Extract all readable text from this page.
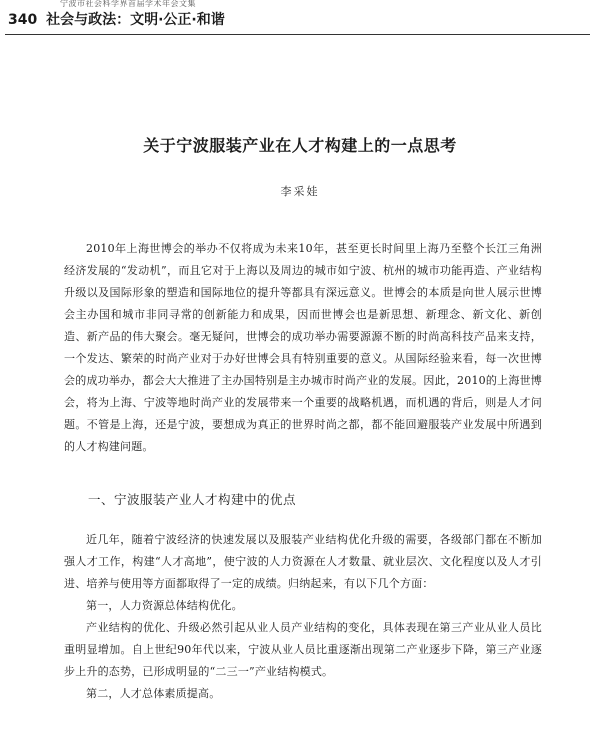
宁波市社会科学界首届学术年会文集
340 社会与政法：文明·公正·和谐
关于宁波服装产业在人才构建上的一点思考
李采娃

2010年上海世博会的举办不仅将成为未来10年，甚至更长时间里上海乃至整个长江三角洲经济发展的“发动机”，而且它对于上海以及周边的城市如宁波、杭州的城市功能再造、产业结构升级以及国际形象的塑造和国际地位的提升等都具有深远意义。世博会的本质是向世人展示世博会主办国和城市非同寻常的创新能力和成果，因而世博会也是新思想、新理念、新文化、新创造、新产品的伟大聚会。毫无疑问，世博会的成功举办需要源源不断的时尚高科技产品来支持，一个发达、繁荣的时尚产业对于办好世博会具有特别重要的意义。从国际经验来看，每一次世博会的成功举办，都会大大推进了主办国特别是主办城市时尚产业的发展。因此，2010的上海世博会，将为上海、宁波等地时尚产业的发展带来一个重要的战略机遇，而机遇的背后，则是人才问题。不管是上海，还是宁波，要想成为真正的世界时尚之都，都不能回避服装产业发展中所遇到的人才构建问题。

一、宁波服装产业人才构建中的优点

近几年，随着宁波经济的快速发展以及服装产业结构优化升级的需要，各级部门都在不断加强人才工作，构建“人才高地”，使宁波的人力资源在人才数量、就业层次、文化程度以及人才引进、培养与使用等方面都取得了一定的成绩。归纳起来，有以下几个方面：

第一，人力资源总体结构优化。

产业结构的优化、升级必然引起从业人员产业结构的变化，具体表现在第三产业从业人员比重明显增加。自上世纪90年代以来，宁波从业人员比重逐渐出现第二产业逐步下降，第三产业逐步上升的态势，已形成明显的“二三一”产业结构模式。

第二，人才总体素质提高。
